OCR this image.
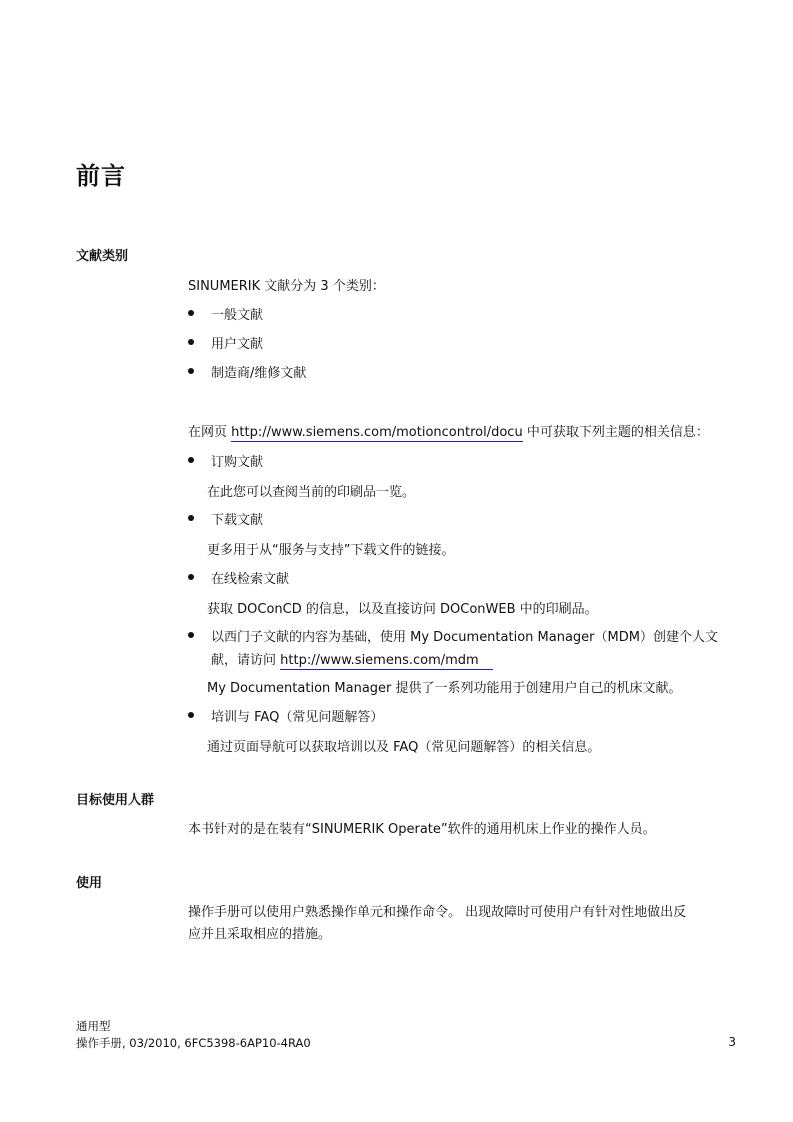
前言
文献类别
SINUMERIK 文献分为 3 个类别：
一般文献
用户文献
制造商/维修文献
在网页 http://www.siemens.com/motioncontrol/docu 中可获取下列主题的相关信息：
订购文献
在此您可以查阅当前的印刷品一览。
下载文献
更多用于从“服务与支持”下载文件的链接。
在线检索文献
获取 DOConCD 的信息，以及直接访问 DOConWEB 中的印刷品。
以西门子文献的内容为基础，使用 My Documentation Manager（MDM）创建个人文
献，请访问 http://www.siemens.com/mdm
My Documentation Manager 提供了一系列功能用于创建用户自己的机床文献。
培训与 FAQ（常见问题解答）
通过页面导航可以获取培训以及 FAQ（常见问题解答）的相关信息。
目标使用人群
本书针对的是在装有“SINUMERIK Operate”软件的通用机床上作业的操作人员。
使用
操作手册可以使用户熟悉操作单元和操作命令。 出现故障时可使用户有针对性地做出反
应并且采取相应的措施。
通用型
操作手册, 03/2010, 6FC5398-6AP10-4RA0	3
